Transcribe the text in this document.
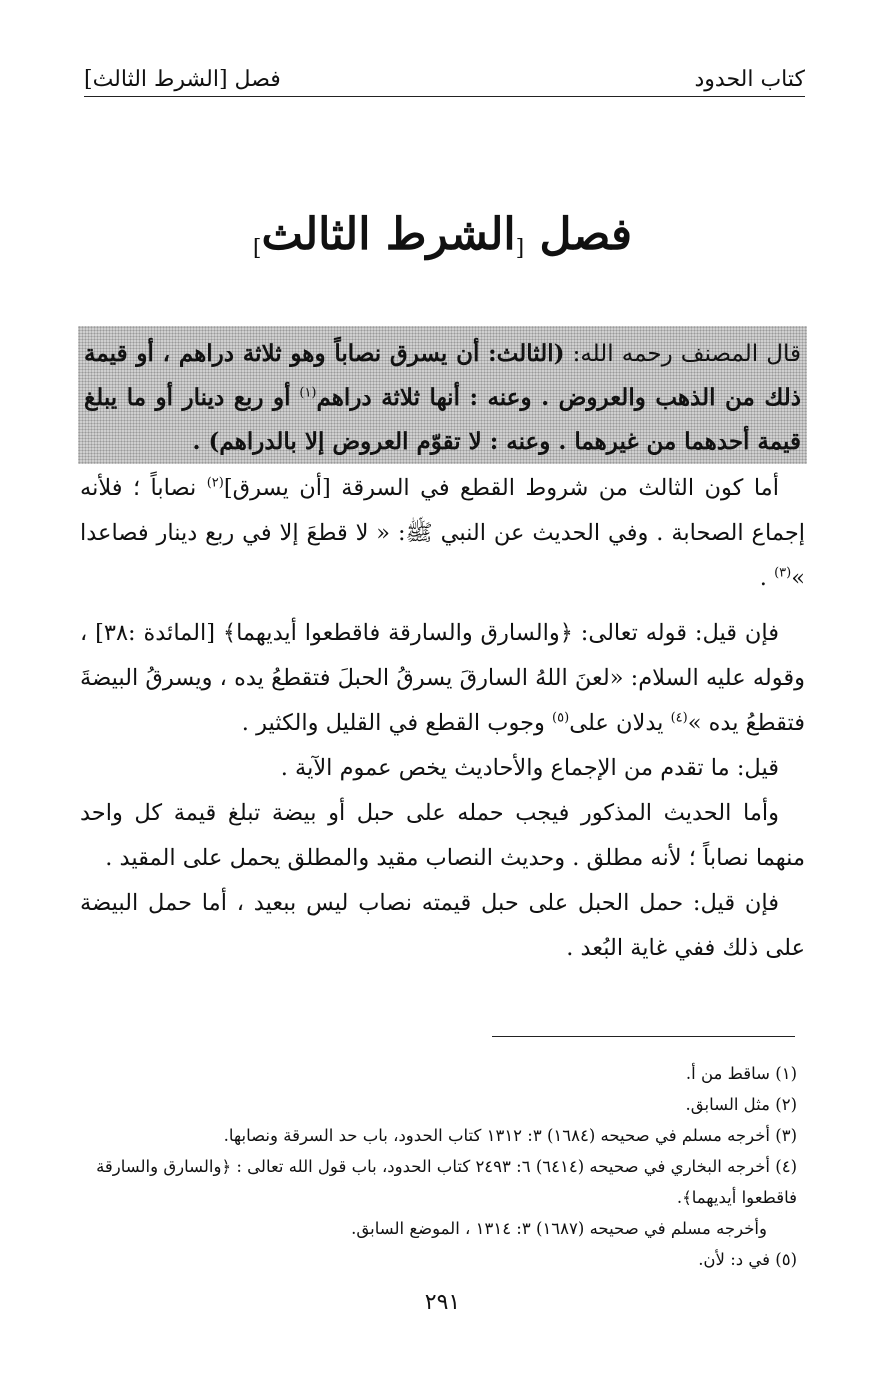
كتاب الحدود
فصل [الشرط الثالث]
فصل [الشرط الثالث]
قال المصنف رحمه الله: (الثالث: أن يسرق نصاباً وهو ثلاثة دراهم ، أو قيمة ذلك من الذهب والعروض . وعنه : أنها ثلاثة دراهم$^{(١)}$ أو ربع دينار أو ما يبلغ قيمة أحدهما من غيرهما . وعنه : لا تقوّم العروض إلا بالدراهم) .

أما كون الثالث من شروط القطع في السرقة [أن يسرق]$^{(٢)}$ نصاباً ؛ فلأنه إجماع الصحابة . وفي الحديث عن النبي ﷺ: « لا قطعَ إلا في ربع دينار فصاعدا »$^{(٣)}$ .

فإن قيل: قوله تعالى: ﴿والسارق والسارقة فاقطعوا أيديهما﴾ [المائدة :٣٨] ، وقوله عليه السلام: «لعنَ اللهُ السارقَ يسرقُ الحبلَ فتقطعُ يده ، ويسرقُ البيضةَ فتقطعُ يده »$^{(٤)}$ يدلان على$^{(٥)}$ وجوب القطع في القليل والكثير .

قيل: ما تقدم من الإجماع والأحاديث يخص عموم الآية .

وأما الحديث المذكور فيجب حمله على حبل أو بيضة تبلغ قيمة كل واحد منهما نصاباً ؛ لأنه مطلق . وحديث النصاب مقيد والمطلق يحمل على المقيد .

فإن قيل: حمل الحبل على حبل قيمته نصاب ليس ببعيد ، أما حمل البيضة على ذلك ففي غاية البُعد .

(١) ساقط من أ.

(٢) مثل السابق.

(٣) أخرجه مسلم في صحيحه (١٦٨٤) ٣: ١٣١٢ كتاب الحدود، باب حد السرقة ونصابها.

(٤) أخرجه البخاري في صحيحه (٦٤١٤) ٦: ٢٤٩٣ كتاب الحدود، باب قول الله تعالى : ﴿والسارق والسارقة فاقطعوا أيديهما﴾.

وأخرجه مسلم في صحيحه (١٦٨٧) ٣: ١٣١٤ ، الموضع السابق.

(٥) في د: لأن.

٢٩١
